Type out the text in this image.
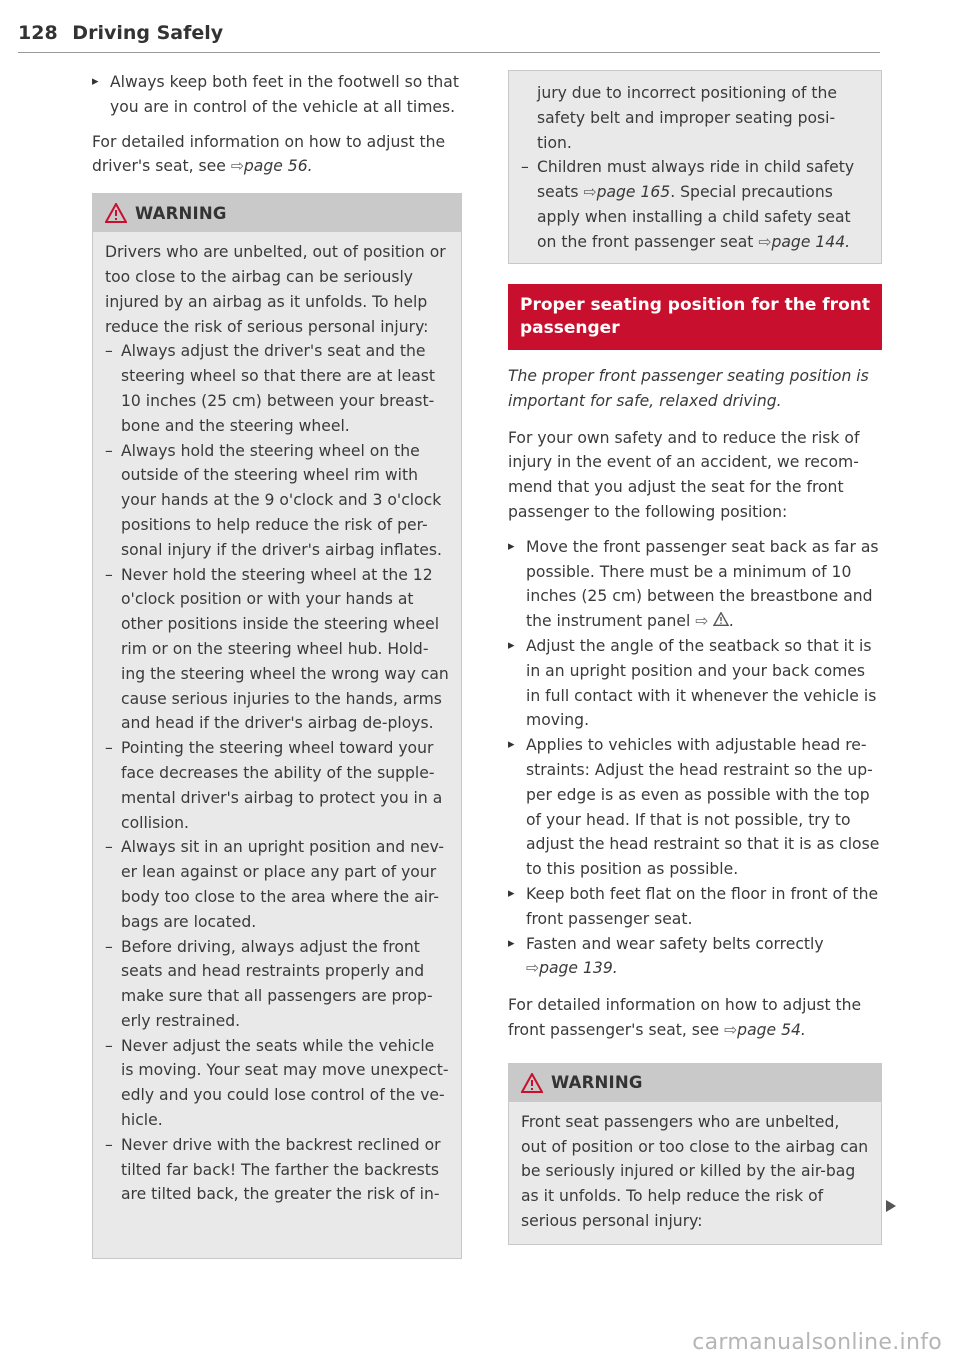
128 Driving Safely
▸ Always keep both feet in the footwell so that you are in control of the vehicle at all times.

For detailed information on how to adjust the driver's seat, see ⇨page 56.

WARNING

Drivers who are unbelted, out of position or too close to the airbag can be seriously injured by an airbag as it unfolds. To help reduce the risk of serious personal injury:

– Always adjust the driver's seat and the steering wheel so that there are at least 10 inches (25 cm) between your breast-bone and the steering wheel.
– Always hold the steering wheel on the outside of the steering wheel rim with your hands at the 9 o'clock and 3 o'clock positions to help reduce the risk of per-sonal injury if the driver's airbag inflates.
– Never hold the steering wheel at the 12 o'clock position or with your hands at other positions inside the steering wheel rim or on the steering wheel hub. Hold-ing the steering wheel the wrong way can cause serious injuries to the hands, arms and head if the driver's airbag de-ploys.
– Pointing the steering wheel toward your face decreases the ability of the supple-mental driver's airbag to protect you in a collision.
– Always sit in an upright position and nev-er lean against or place any part of your body too close to the area where the air-bags are located.
– Before driving, always adjust the front seats and head restraints properly and make sure that all passengers are prop-erly restrained.
– Never adjust the seats while the vehicle is moving. Your seat may move unexpect-edly and you could lose control of the ve-hicle.
– Never drive with the backrest reclined or tilted far back! The farther the backrests are tilted back, the greater the risk of in-

jury due to incorrect positioning of the safety belt and improper seating posi-tion.

– Children must always ride in child safety seats ⇨page 165. Special precautions apply when installing a child safety seat on the front passenger seat ⇨page 144.
Proper seating position for the front passenger

The proper front passenger seating position is important for safe, relaxed driving.

For your own safety and to reduce the risk of injury in the event of an accident, we recom-mend that you adjust the seat for the front passenger to the following position:

▸ Move the front passenger seat back as far as possible. There must be a minimum of 10 inches (25 cm) between the breastbone and the instrument panel ⇨ .
▸ Adjust the angle of the seatback so that it is in an upright position and your back comes in full contact with it whenever the vehicle is moving.
▸ Applies to vehicles with adjustable head re-straints: Adjust the head restraint so the up-per edge is as even as possible with the top of your head. If that is not possible, try to adjust the head restraint so that it is as close to this position as possible.
▸ Keep both feet flat on the floor in front of the front passenger seat.
▸ Fasten and wear safety belts correctly
⇨page 139.

For detailed information on how to adjust the front passenger's seat, see ⇨page 54.

WARNING

Front seat passengers who are unbelted, out of position or too close to the airbag can be seriously injured or killed by the air-bag as it unfolds. To help reduce the risk of serious personal injury:

carmanualsonline.info
